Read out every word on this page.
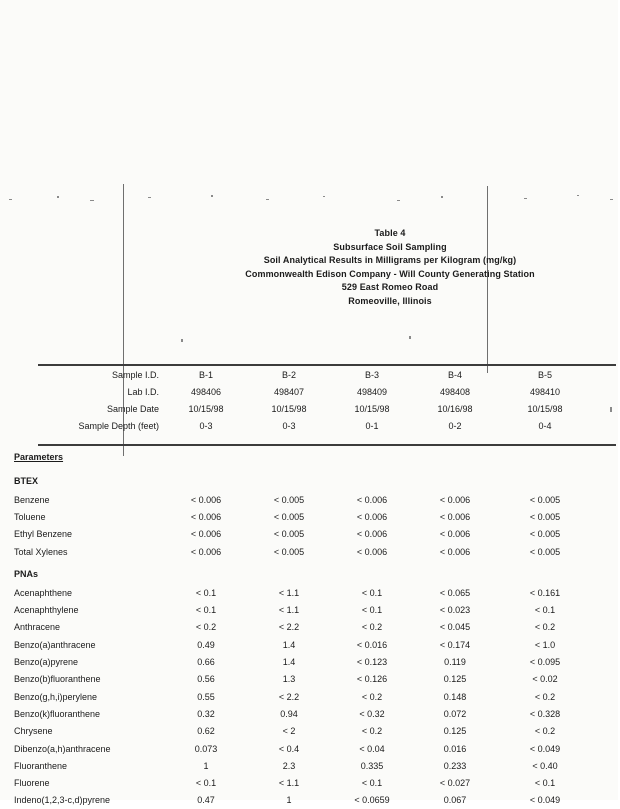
Table 4
Subsurface Soil Sampling
Soil Analytical Results in Milligrams per Kilogram (mg/kg)
Commonwealth Edison Company - Will County Generating Station
529 East Romeo Road
Romeoville, Illinois
Sample I.D.	B-1	B-2	B-3	B-4	B-5
Lab I.D.	498406	498407	498409	498408	498410
Sample Date	10/15/98	10/15/98	10/15/98	10/16/98	10/15/98
Sample Depth (feet)	0-3	0-3	0-1	0-2	0-4
Parameters
BTEX
Benzene	< 0.006	< 0.005	< 0.006	< 0.006	< 0.005
Toluene	< 0.006	< 0.005	< 0.006	< 0.006	< 0.005
Ethyl Benzene	< 0.006	< 0.005	< 0.006	< 0.006	< 0.005
Total Xylenes	< 0.006	< 0.005	< 0.006	< 0.006	< 0.005
PNAs
Acenaphthene	< 0.1	< 1.1	< 0.1	< 0.065	< 0.161
Acenaphthylene	< 0.1	< 1.1	< 0.1	< 0.023	< 0.1
Anthracene	< 0.2	< 2.2	< 0.2	< 0.045	< 0.2
Benzo(a)anthracene	0.49	1.4	< 0.016	< 0.174	< 1.0
Benzo(a)pyrene	0.66	1.4	< 0.123	0.119	< 0.095
Benzo(b)fluoranthene	0.56	1.3	< 0.126	0.125	< 0.02
Benzo(g,h,i)perylene	0.55	< 2.2	< 0.2	0.148	< 0.2
Benzo(k)fluoranthene	0.32	0.94	< 0.32	0.072	< 0.328
Chrysene	0.62	< 2	< 0.2	0.125	< 0.2
Dibenzo(a,h)anthracene	0.073	< 0.4	< 0.04	0.016	< 0.049
Fluoranthene	1	2.3	0.335	0.233	< 0.40
Fluorene	< 0.1	< 1.1	< 0.1	< 0.027	< 0.1
Indeno(1,2,3-c,d)pyrene	0.47	1	< 0.0659	0.067	< 0.049
